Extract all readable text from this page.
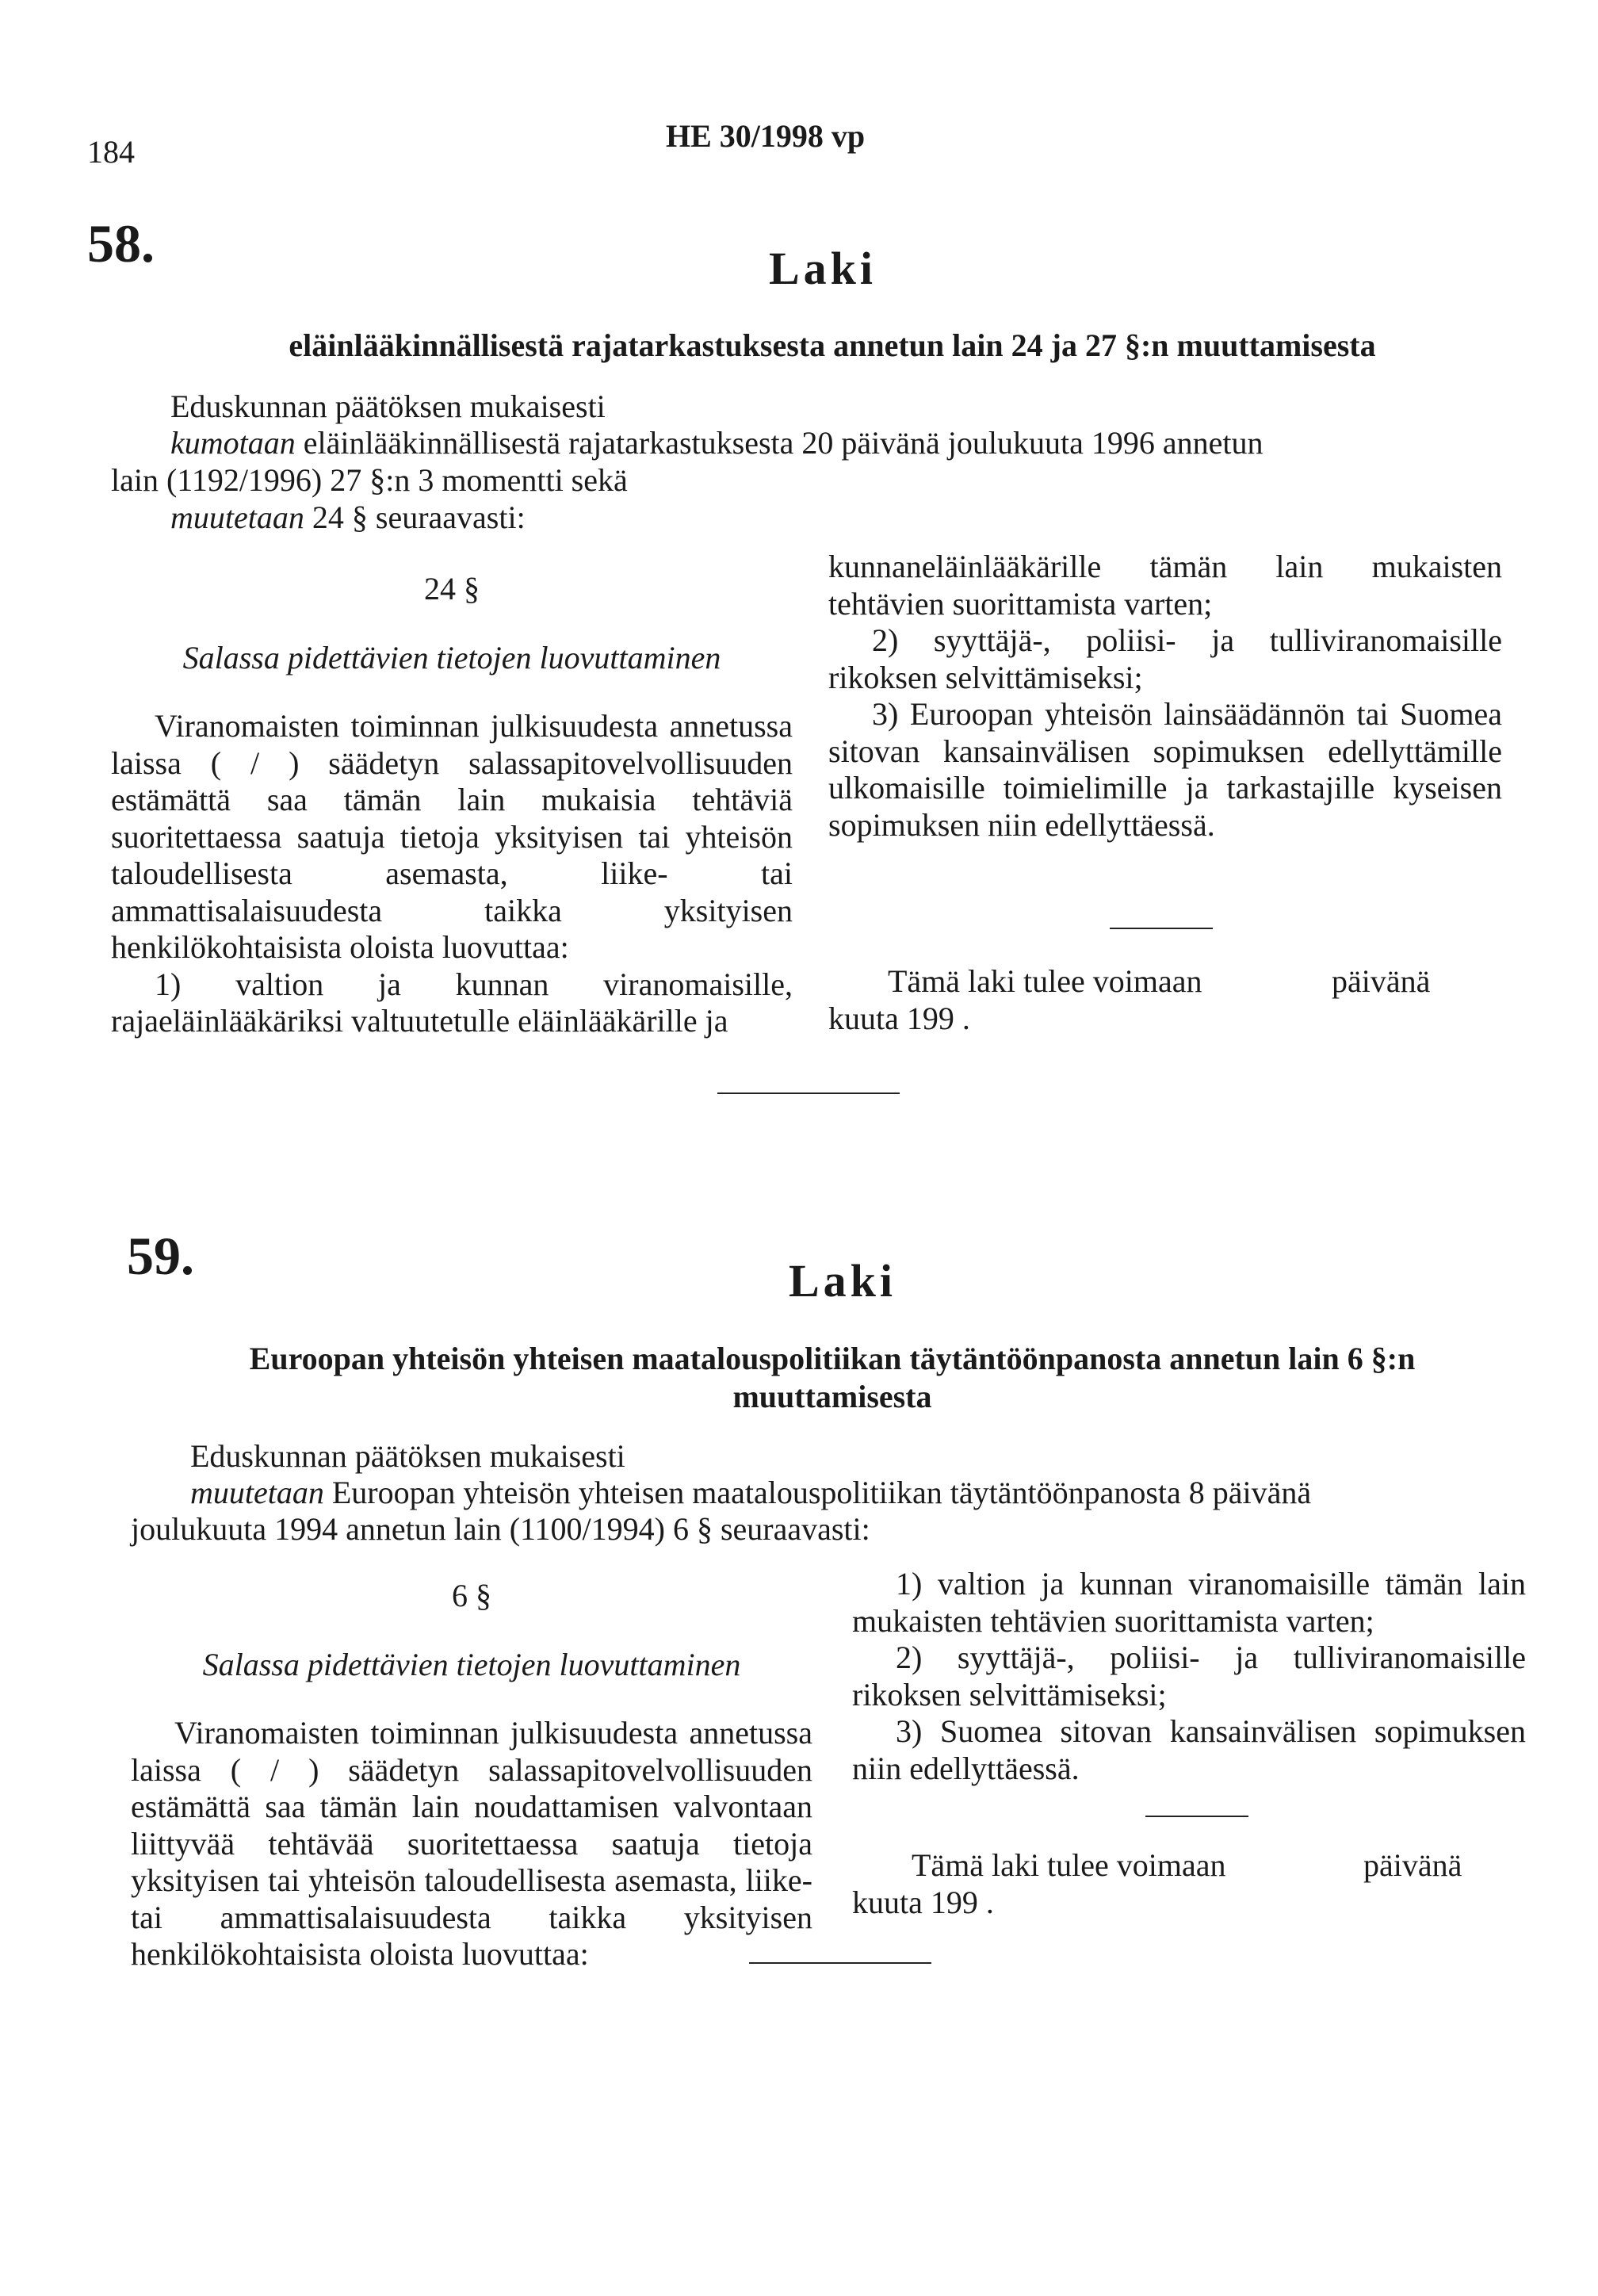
184	HE 30/1998 vp
58.	Laki
eläinlääkinnällisestä rajatarkastuksesta annetun lain 24 ja 27 §:n muuttamisesta
Eduskunnan päätöksen mukaisesti
kumotaan eläinlääkinnällisestä rajatarkastuksesta 20 päivänä joulukuuta 1996 annetun
lain (1192/1996) 27 §:n 3 momentti sekä
muutetaan 24 § seuraavasti:

24 §

Salassa pidettävien tietojen luovuttaminen

Viranomaisten toiminnan julkisuudesta annetussa laissa ( / ) säädetyn salassapitovelvollisuuden estämättä saa tämän lain mukaisia tehtäviä suoritettaessa saatuja tietoja yksityisen tai yhteisön taloudellisesta asemasta, liike- tai ammattisalaisuudesta taikka yksityisen henkilökohtaisista oloista luovuttaa:

1) valtion ja kunnan viranomaisille, rajaeläinlääkäriksi valtuutetulle eläinlääkärille ja

kunnaneläinlääkärille tämän lain mukaisten tehtävien suorittamista varten;

2) syyttäjä-, poliisi- ja tulliviranomaisille rikoksen selvittämiseksi;

3) Euroopan yhteisön lainsäädännön tai Suomea sitovan kansainvälisen sopimuksen edellyttämille ulkomaisille toimielimille ja tarkastajille kyseisen sopimuksen niin edellyttäessä.

Tämä laki tulee voimaan	päivänä
kuuta 199 .
59.	Laki
Euroopan yhteisön yhteisen maatalouspolitiikan täytäntöönpanosta annetun lain 6 §:n
muuttamisesta
Eduskunnan päätöksen mukaisesti
muutetaan Euroopan yhteisön yhteisen maatalouspolitiikan täytäntöönpanosta 8 päivänä
joulukuuta 1994 annetun lain (1100/1994) 6 § seuraavasti:

6 §

Salassa pidettävien tietojen luovuttaminen

Viranomaisten toiminnan julkisuudesta annetussa laissa ( / ) säädetyn salassapitovelvollisuuden estämättä saa tämän lain noudattamisen valvontaan liittyvää tehtävää suoritettaessa saatuja tietoja yksityisen tai yhteisön taloudellisesta asemasta, liike- tai ammattisalaisuudesta taikka yksityisen henkilökohtaisista oloista luovuttaa:

1) valtion ja kunnan viranomaisille tämän lain mukaisten tehtävien suorittamista varten;

2) syyttäjä-, poliisi- ja tulliviranomaisille rikoksen selvittämiseksi;

3) Suomea sitovan kansainvälisen sopimuksen niin edellyttäessä.

Tämä laki tulee voimaan	päivänä
kuuta 199 .
